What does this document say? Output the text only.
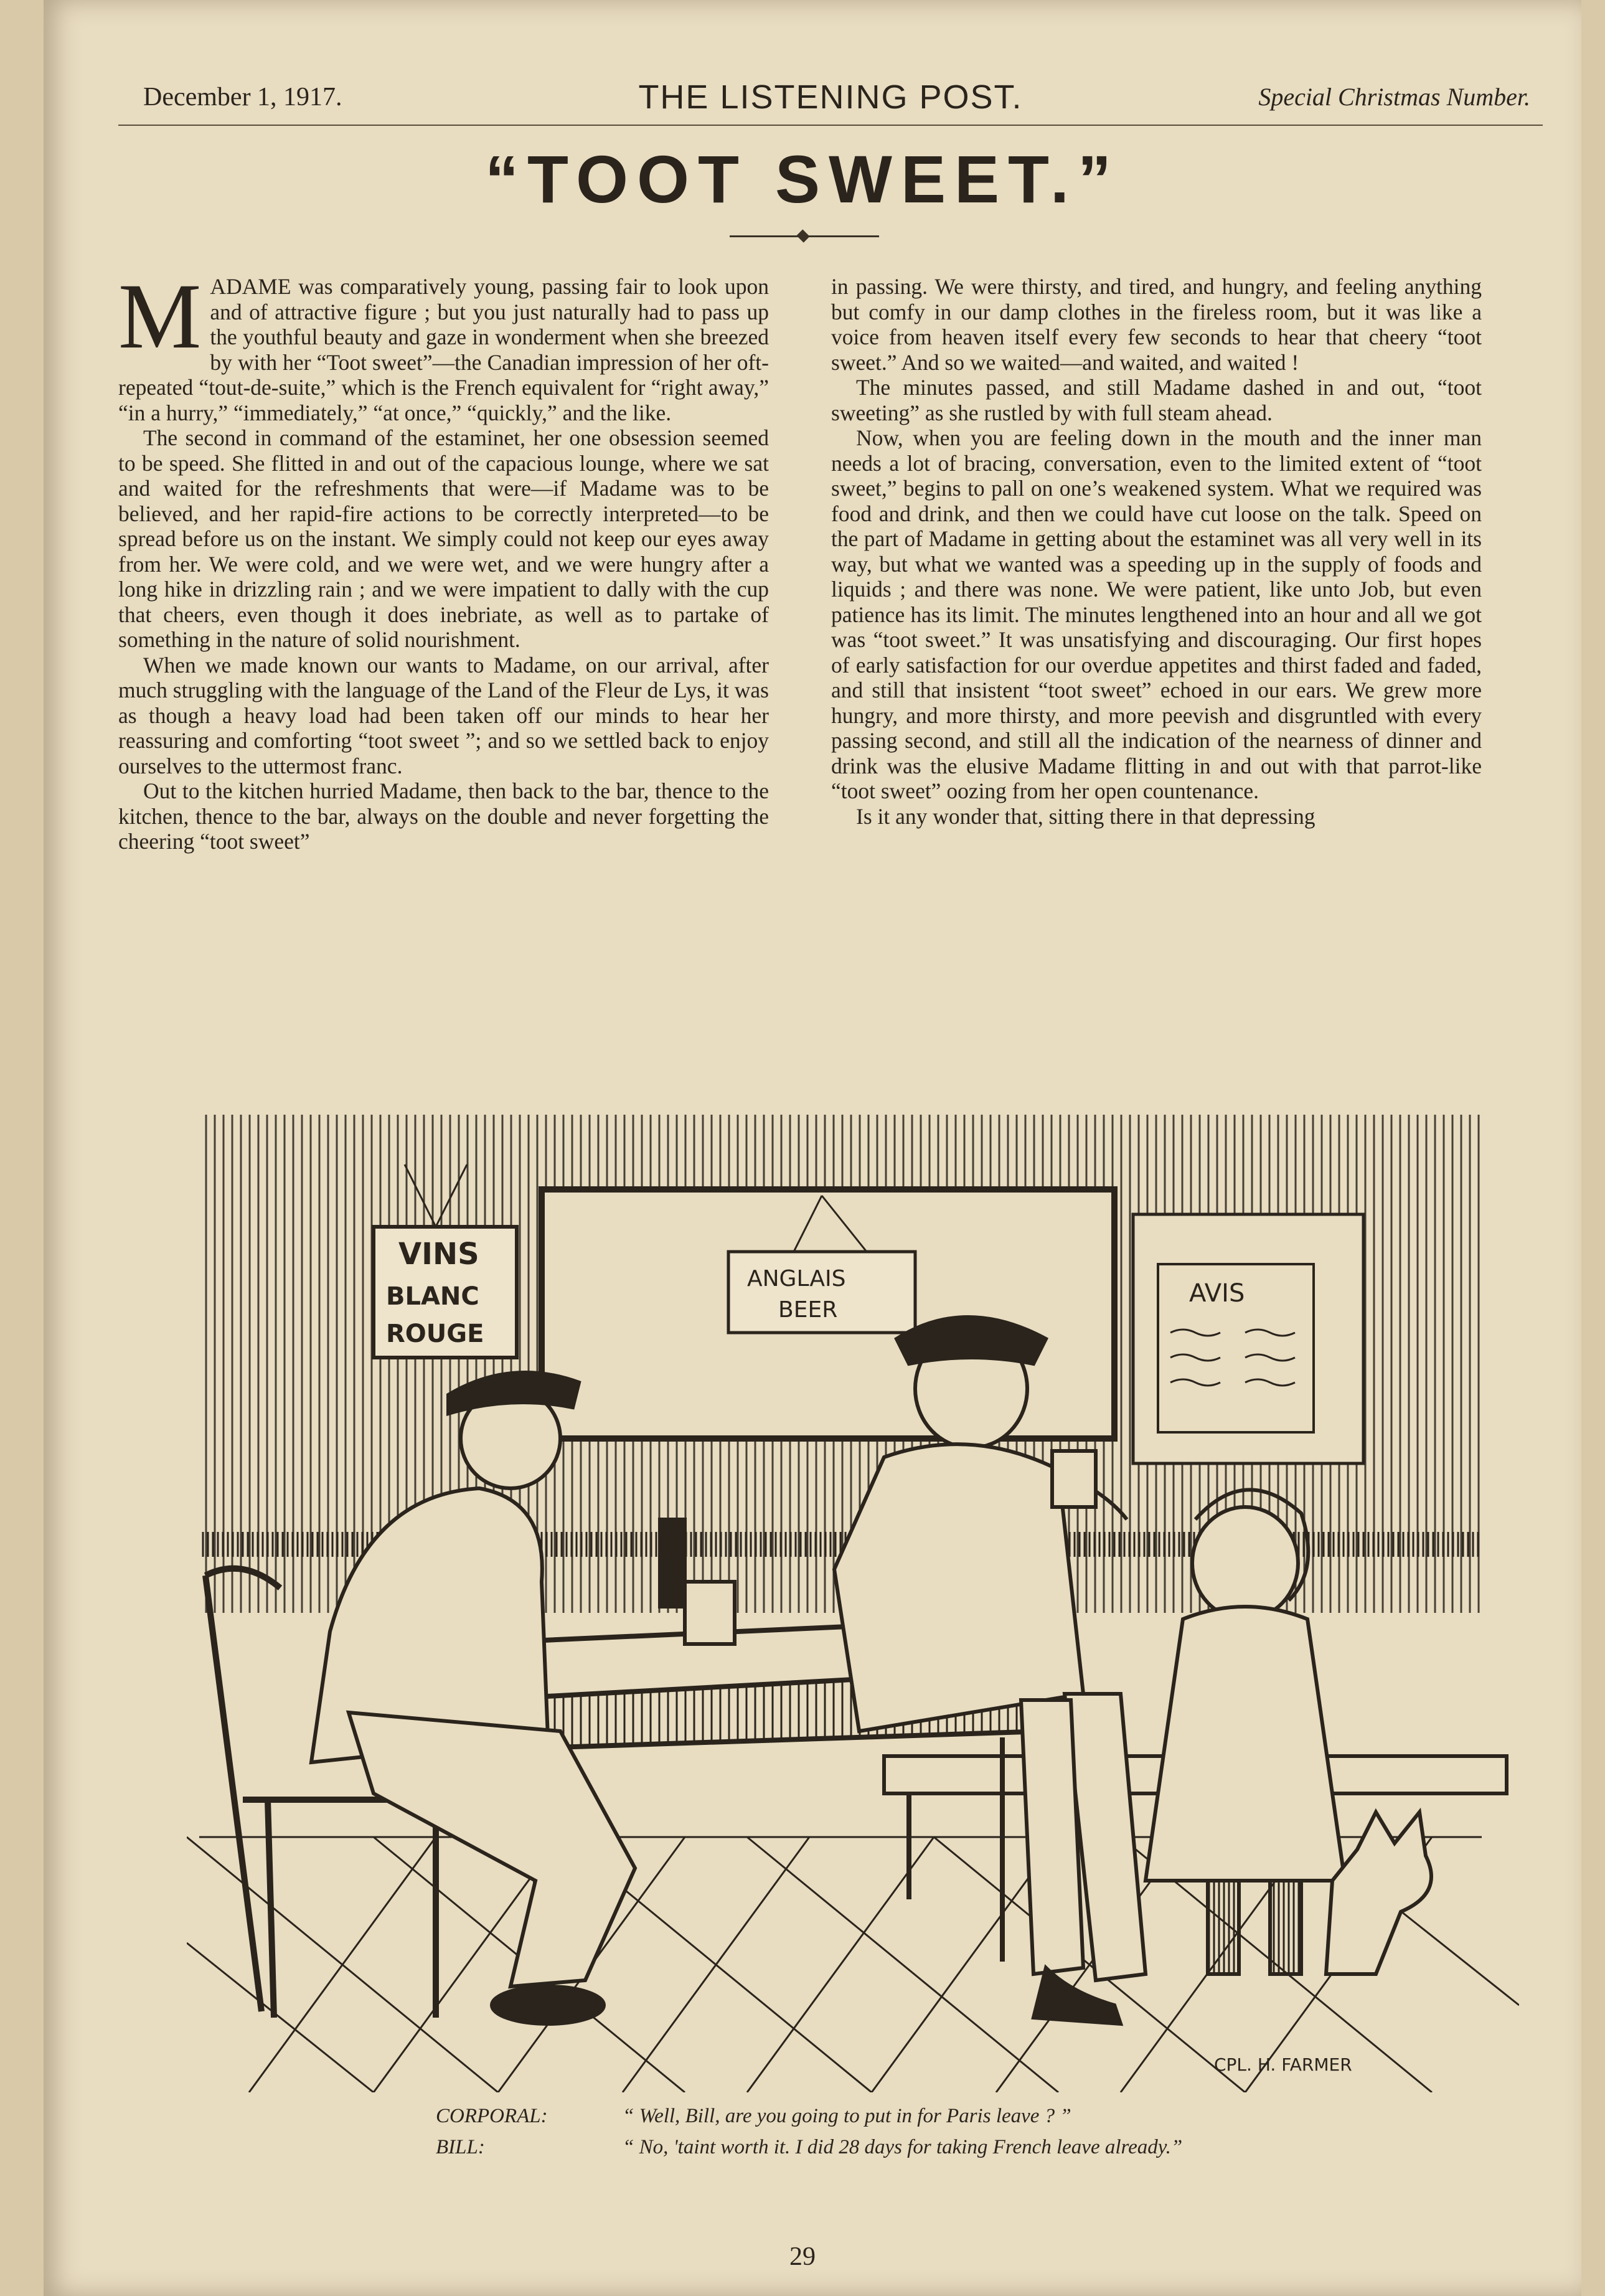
December 1, 1917.	THE LISTENING POST.	Special Christmas Number.
“TOOT SWEET.”

MADAME was comparatively young, passing fair to look upon and of attractive figure ; but you just naturally had to pass up the youthful beauty and gaze in wonderment when she breezed by with her “Toot sweet”—the Canadian impression of her oft-repeated “tout-de-suite,” which is the French equivalent for “right away,” “in a hurry,” “immediately,” “at once,” “quickly,” and the like.

The second in command of the estaminet, her one obsession seemed to be speed. She flitted in and out of the capacious lounge, where we sat and waited for the refreshments that were—if Madame was to be believed, and her rapid-fire actions to be correctly interpreted—to be spread before us on the instant. We simply could not keep our eyes away from her. We were cold, and we were wet, and we were hungry after a long hike in drizzling rain ; and we were impatient to dally with the cup that cheers, even though it does inebriate, as well as to partake of something in the nature of solid nourishment.

When we made known our wants to Madame, on our arrival, after much struggling with the language of the Land of the Fleur de Lys, it was as though a heavy load had been taken off our minds to hear her reassuring and comforting “toot sweet ”; and so we settled back to enjoy ourselves to the uttermost franc.

Out to the kitchen hurried Madame, then back to the bar, thence to the kitchen, thence to the bar, always on the double and never forgetting the cheering “toot sweet”

in passing. We were thirsty, and tired, and hungry, and feeling anything but comfy in our damp clothes in the fireless room, but it was like a voice from heaven itself every few seconds to hear that cheery “toot sweet.” And so we waited—and waited, and waited !

The minutes passed, and still Madame dashed in and out, “toot sweeting” as she rustled by with full steam ahead.

Now, when you are feeling down in the mouth and the inner man needs a lot of bracing, conversation, even to the limited extent of “toot sweet,” begins to pall on one’s weakened system. What we required was food and drink, and then we could have cut loose on the talk. Speed on the part of Madame in getting about the estaminet was all very well in its way, but what we wanted was a speeding up in the supply of foods and liquids ; and there was none. We were patient, like unto Job, but even patience has its limit. The minutes lengthened into an hour and all we got was “toot sweet.” It was unsatisfying and discouraging. Our first hopes of early satisfaction for our overdue appetites and thirst faded and faded, and still that insistent “toot sweet” echoed in our ears. We grew more hungry, and more thirsty, and more peevish and disgruntled with every passing second, and still all the indication of the nearness of dinner and drink was the elusive Madame flitting in and out with that parrot-like “toot sweet” oozing from her open countenance.

Is it any wonder that, sitting there in that depressing

AVIS
VINS
BLANC
ROUGE
ANGLAIS
BEER
CPL. H. FARMER
CORPORAL:	“ Well, Bill, are you going to put in for Paris leave ? ”
BILL:	“ No, 'taint worth it. I did 28 days for taking French leave already.”
29
